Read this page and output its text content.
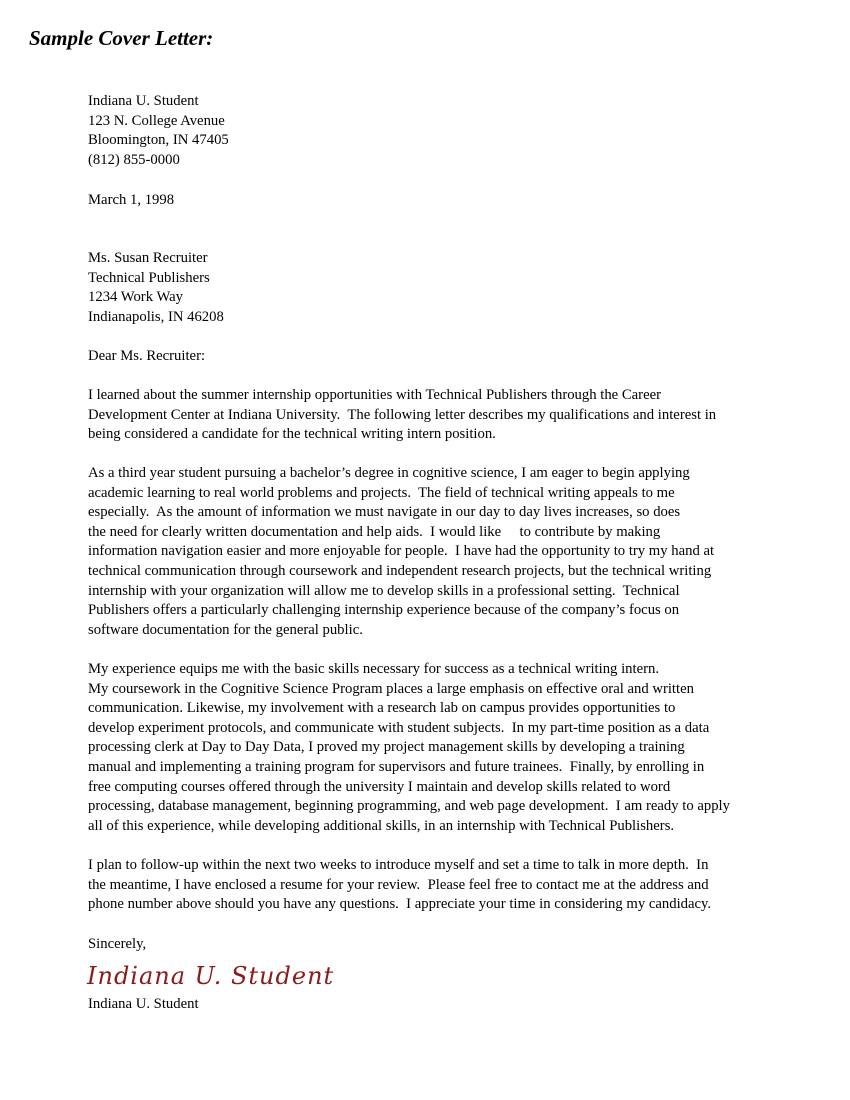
Sample Cover Letter:
Indiana U. Student
123 N. College Avenue
Bloomington, IN 47405
(812) 855-0000
March 1, 1998
Ms. Susan Recruiter
Technical Publishers
1234 Work Way
Indianapolis, IN 46208
Dear Ms. Recruiter:
I learned about the summer internship opportunities with Technical Publishers through the Career
Development Center at Indiana University.  The following letter describes my qualifications and interest in
being considered a candidate for the technical writing intern position.
As a third year student pursuing a bachelor’s degree in cognitive science, I am eager to begin applying
academic learning to real world problems and projects.  The field of technical writing appeals to me
especially.  As the amount of information we must navigate in our day to day lives increases, so does
the need for clearly written documentation and help aids.  I would like     to contribute by making
information navigation easier and more enjoyable for people.  I have had the opportunity to try my hand at
technical communication through coursework and independent research projects, but the technical writing
internship with your organization will allow me to develop skills in a professional setting.  Technical
Publishers offers a particularly challenging internship experience because of the company’s focus on
software documentation for the general public.
My experience equips me with the basic skills necessary for success as a technical writing intern.
My coursework in the Cognitive Science Program places a large emphasis on effective oral and written
communication. Likewise, my involvement with a research lab on campus provides opportunities to
develop experiment protocols, and communicate with student subjects.  In my part-time position as a data
processing clerk at Day to Day Data, I proved my project management skills by developing a training
manual and implementing a training program for supervisors and future trainees.  Finally, by enrolling in
free computing courses offered through the university I maintain and develop skills related to word
processing, database management, beginning programming, and web page development.  I am ready to apply
all of this experience, while developing additional skills, in an internship with Technical Publishers.
I plan to follow-up within the next two weeks to introduce myself and set a time to talk in more depth.  In
the meantime, I have enclosed a resume for your review.  Please feel free to contact me at the address and
phone number above should you have any questions.  I appreciate your time in considering my candidacy.
Sincerely,
Indiana U. Student
Indiana U. Student
